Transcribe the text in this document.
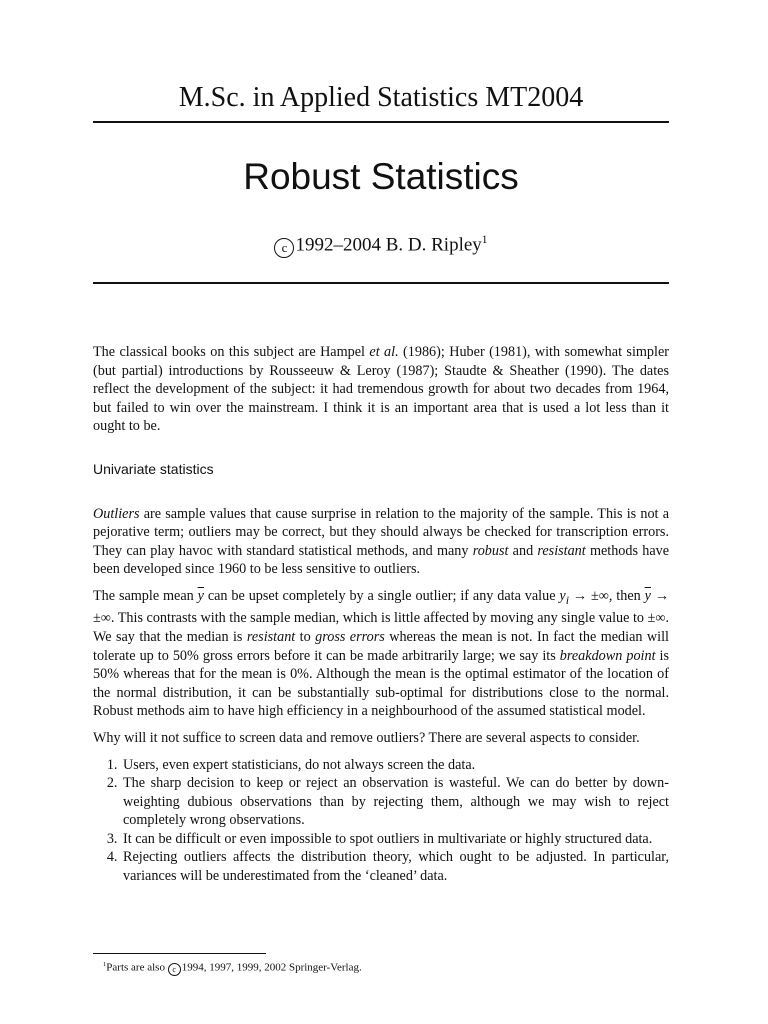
M.Sc. in Applied Statistics MT2004
Robust Statistics
c 1992–2004 B. D. Ripley$^1$

The classical books on this subject are Hampel et al. (1986); Huber (1981), with somewhat simpler (but partial) introductions by Rousseeuw & Leroy (1987); Staudte & Sheather (1990). The dates reflect the development of the subject: it had tremendous growth for about two decades from 1964, but failed to win over the mainstream. I think it is an important area that is used a lot less than it ought to be.

Univariate statistics

Outliers are sample values that cause surprise in relation to the majority of the sample. This is not a pejorative term; outliers may be correct, but they should always be checked for transcription errors. They can play havoc with standard statistical methods, and many robust and resistant methods have been developed since 1960 to be less sensitive to outliers.

The sample mean $\overline{y}$ can be upset completely by a single outlier; if any data value $y_i$ → ±∞, then $\overline{y}$ → ±∞. This contrasts with the sample median, which is little affected by moving any single value to ±∞. We say that the median is resistant to gross errors whereas the mean is not. In fact the median will tolerate up to 50% gross errors before it can be made arbitrarily large; we say its breakdown point is 50% whereas that for the mean is 0%. Although the mean is the optimal estimator of the location of the normal distribution, it can be substantially sub-optimal for distributions close to the normal. Robust methods aim to have high efficiency in a neighbourhood of the assumed statistical model.

Why will it not suffice to screen data and remove outliers? There are several aspects to consider.

1. Users, even expert statisticians, do not always screen the data.
2. The sharp decision to keep or reject an observation is wasteful. We can do better by down-weighting dubious observations than by rejecting them, although we may wish to reject completely wrong observations.
3. It can be difficult or even impossible to spot outliers in multivariate or highly structured data.
4. Rejecting outliers affects the distribution theory, which ought to be adjusted. In particular, variances will be underestimated from the ‘cleaned’ data.
$^1$Parts are also c 1994, 1997, 1999, 2002 Springer-Verlag.
